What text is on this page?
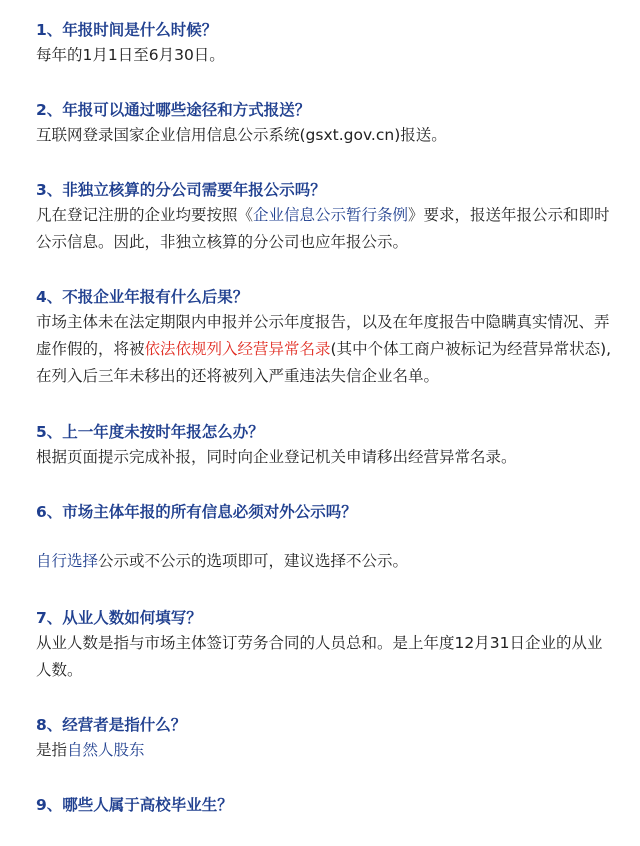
1、年报时间是什么时候？

每年的1月1日至6月30日。

2、年报可以通过哪些途径和方式报送？

互联网登录国家企业信用信息公示系统(gsxt.gov.cn)报送。

3、非独立核算的分公司需要年报公示吗？

凡在登记注册的企业均要按照《企业信息公示暂行条例》要求，报送年报公示和即时公示信息。因此，非独立核算的分公司也应年报公示。

4、不报企业年报有什么后果？

市场主体未在法定期限内申报并公示年度报告，以及在年度报告中隐瞒真实情况、弄虚作假的，将被依法依规列入经营异常名录(其中个体工商户被标记为经营异常状态),在列入后三年未移出的还将被列入严重违法失信企业名单。

5、上一年度未按时年报怎么办？

根据页面提示完成补报，同时向企业登记机关申请移出经营异常名录。

6、市场主体年报的所有信息必须对外公示吗？

自行选择公示或不公示的选项即可，建议选择不公示。

7、从业人数如何填写？

从业人数是指与市场主体签订劳务合同的人员总和。是上年度12月31日企业的从业人数。

8、经营者是指什么？

是指自然人股东

9、哪些人属于高校毕业生？
